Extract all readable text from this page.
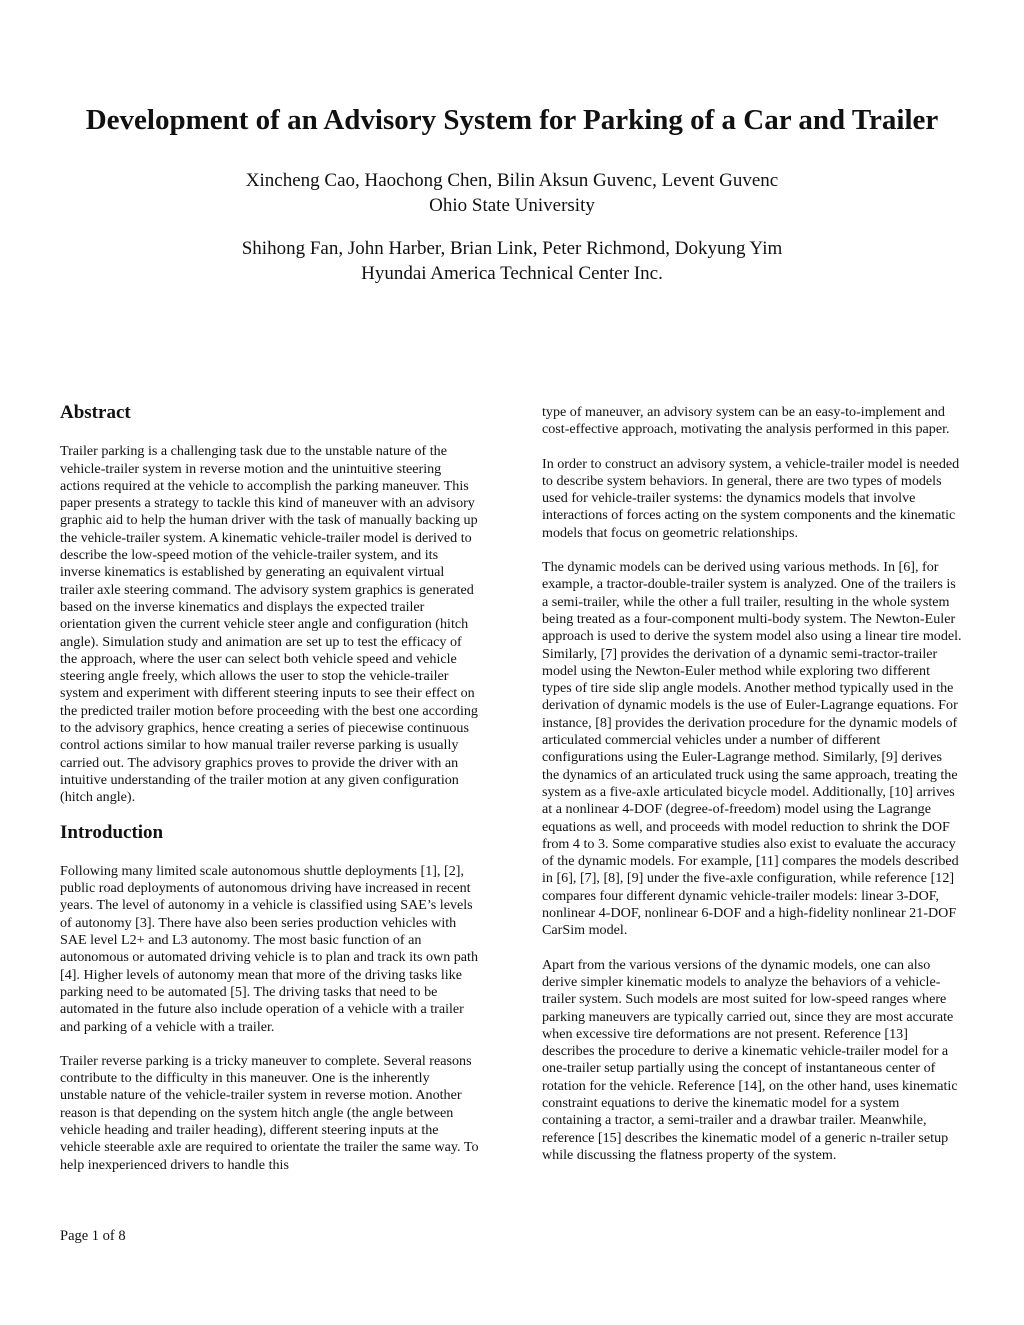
Development of an Advisory System for Parking of a Car and Trailer
Xincheng Cao, Haochong Chen, Bilin Aksun Guvenc, Levent Guvenc
Ohio State University
Shihong Fan, John Harber, Brian Link, Peter Richmond, Dokyung Yim
Hyundai America Technical Center Inc.
Abstract

Trailer parking is a challenging task due to the unstable nature of the vehicle-trailer system in reverse motion and the unintuitive steering actions required at the vehicle to accomplish the parking maneuver. This paper presents a strategy to tackle this kind of maneuver with an advisory graphic aid to help the human driver with the task of manually backing up the vehicle-trailer system. A kinematic vehicle-trailer model is derived to describe the low-speed motion of the vehicle-trailer system, and its inverse kinematics is established by generating an equivalent virtual trailer axle steering command. The advisory system graphics is generated based on the inverse kinematics and displays the expected trailer orientation given the current vehicle steer angle and configuration (hitch angle). Simulation study and animation are set up to test the efficacy of the approach, where the user can select both vehicle speed and vehicle steering angle freely, which allows the user to stop the vehicle-trailer system and experiment with different steering inputs to see their effect on the predicted trailer motion before proceeding with the best one according to the advisory graphics, hence creating a series of piecewise continuous control actions similar to how manual trailer reverse parking is usually carried out. The advisory graphics proves to provide the driver with an intuitive understanding of the trailer motion at any given configuration (hitch angle).

Introduction

Following many limited scale autonomous shuttle deployments [1], [2], public road deployments of autonomous driving have increased in recent years. The level of autonomy in a vehicle is classified using SAE’s levels of autonomy [3]. There have also been series production vehicles with SAE level L2+ and L3 autonomy. The most basic function of an autonomous or automated driving vehicle is to plan and track its own path [4]. Higher levels of autonomy mean that more of the driving tasks like parking need to be automated [5]. The driving tasks that need to be automated in the future also include operation of a vehicle with a trailer and parking of a vehicle with a trailer.

Trailer reverse parking is a tricky maneuver to complete. Several reasons contribute to the difficulty in this maneuver. One is the inherently unstable nature of the vehicle-trailer system in reverse motion. Another reason is that depending on the system hitch angle (the angle between vehicle heading and trailer heading), different steering inputs at the vehicle steerable axle are required to orientate the trailer the same way. To help inexperienced drivers to handle this

type of maneuver, an advisory system can be an easy-to-implement and cost-effective approach, motivating the analysis performed in this paper.

In order to construct an advisory system, a vehicle-trailer model is needed to describe system behaviors. In general, there are two types of models used for vehicle-trailer systems: the dynamics models that involve interactions of forces acting on the system components and the kinematic models that focus on geometric relationships.

The dynamic models can be derived using various methods. In [6], for example, a tractor-double-trailer system is analyzed. One of the trailers is a semi-trailer, while the other a full trailer, resulting in the whole system being treated as a four-component multi-body system. The Newton-Euler approach is used to derive the system model also using a linear tire model. Similarly, [7] provides the derivation of a dynamic semi-tractor-trailer model using the Newton-Euler method while exploring two different types of tire side slip angle models. Another method typically used in the derivation of dynamic models is the use of Euler-Lagrange equations. For instance, [8] provides the derivation procedure for the dynamic models of articulated commercial vehicles under a number of different configurations using the Euler-Lagrange method. Similarly, [9] derives the dynamics of an articulated truck using the same approach, treating the system as a five-axle articulated bicycle model. Additionally, [10] arrives at a nonlinear 4-DOF (degree-of-freedom) model using the Lagrange equations as well, and proceeds with model reduction to shrink the DOF from 4 to 3. Some comparative studies also exist to evaluate the accuracy of the dynamic models. For example, [11] compares the models described in [6], [7], [8], [9] under the five-axle configuration, while reference [12] compares four different dynamic vehicle-trailer models: linear 3-DOF, nonlinear 4-DOF, nonlinear 6-DOF and a high-fidelity nonlinear 21-DOF CarSim model.

Apart from the various versions of the dynamic models, one can also derive simpler kinematic models to analyze the behaviors of a vehicle-trailer system. Such models are most suited for low-speed ranges where parking maneuvers are typically carried out, since they are most accurate when excessive tire deformations are not present. Reference [13] describes the procedure to derive a kinematic vehicle-trailer model for a one-trailer setup partially using the concept of instantaneous center of rotation for the vehicle. Reference [14], on the other hand, uses kinematic constraint equations to derive the kinematic model for a system containing a tractor, a semi-trailer and a drawbar trailer. Meanwhile, reference [15] describes the kinematic model of a generic n-trailer setup while discussing the flatness property of the system.

Page 1 of 8
